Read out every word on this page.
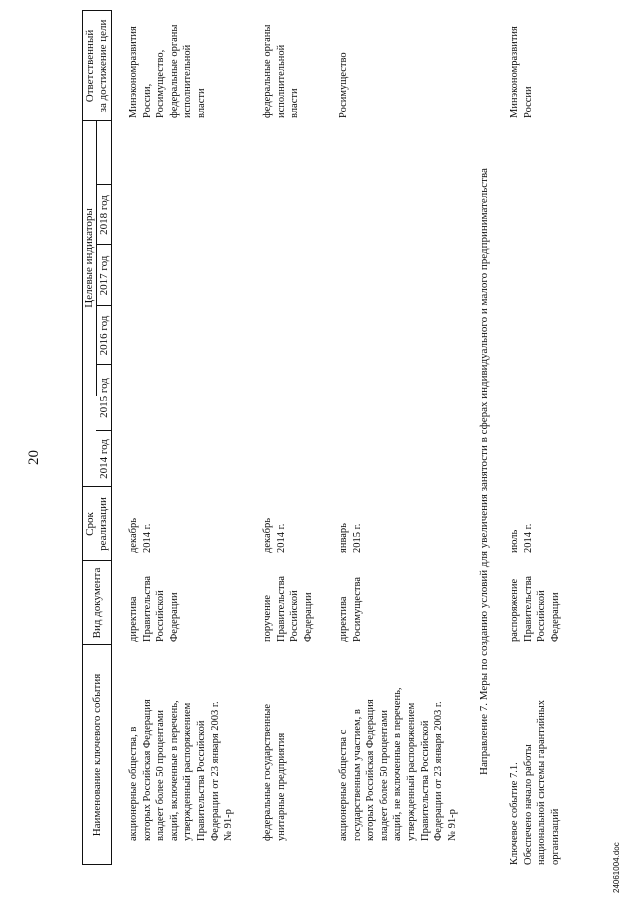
20
Наименование ключевого события
Вид документа
Срок реализации
Целевые индикаторы
2014 год
2015 год
2016 год
2017 год
2018 год
Ответственный за достижение цели
акционерные общества, в
которых Российская Федерация
владеет более 50 процентами
акций, включенные в перечень,
утвержденный распоряжением
Правительства Российской
Федерации от 23 января 2003 г.
№ 91-р
директива
Правительства
Российской
Федерации
декабрь
2014 г.
Минэкономразвития
России,
Росимущество,
федеральные органы
исполнительной
власти
федеральные государственные
унитарные предприятия
поручение
Правительства
Российской
Федерации
декабрь
2014 г.
федеральные органы
исполнительной
власти
акционерные общества с
государственным участием, в
которых Российская Федерация
владеет более 50 процентами
акций, не включенные в перечень,
утвержденный распоряжением
Правительства Российской
Федерации от 23 января 2003 г.
№ 91-р
директива
Росимущества
январь
2015 г.
Росимущество
Направление 7. Меры по созданию условий для увеличения занятости в сферах индивидуального и малого предпринимательства
Ключевое событие 7.1.
Обеспечено начало работы
национальной системы гарантийных
организаций
распоряжение
Правительства
Российской
Федерации
июль
2014 г.
Минэкономразвития
России
24061004.doc
